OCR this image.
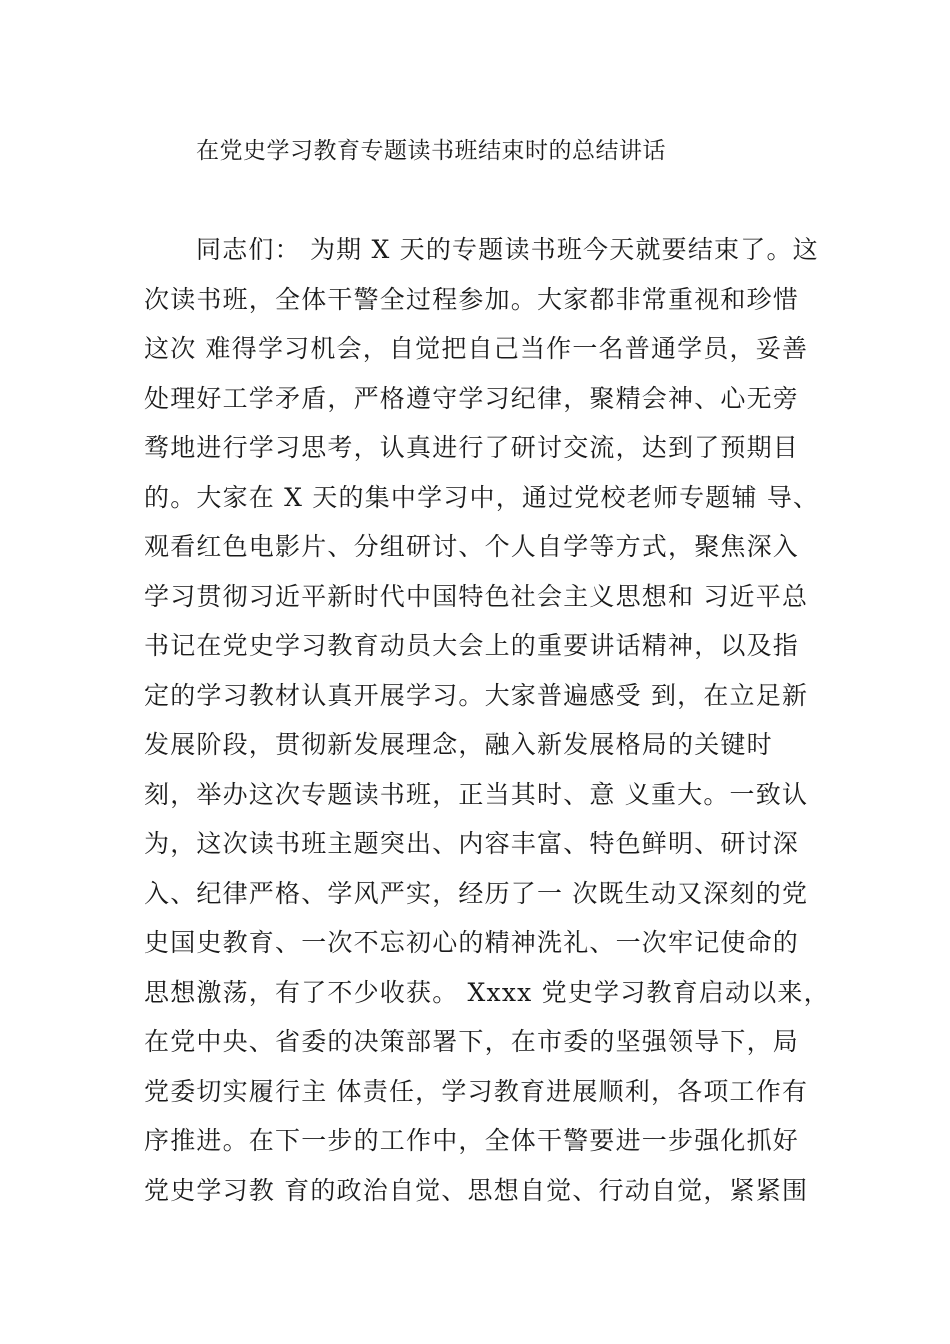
在党史学习教育专题读书班结束时的总结讲话
同志们： 为期 X 天的专题读书班今天就要结束了。这
次读书班，全体干警全过程参加。大家都非常重视和珍惜
这次 难得学习机会，自觉把自己当作一名普通学员，妥善
处理好工学矛盾，严格遵守学习纪律，聚精会神、心无旁
骛地进行学习思考，认真进行了研讨交流，达到了预期目
的。大家在 X 天的集中学习中，通过党校老师专题辅 导、
观看红色电影片、分组研讨、个人自学等方式，聚焦深入
学习贯彻习近平新时代中国特色社会主义思想和 习近平总
书记在党史学习教育动员大会上的重要讲话精神，以及指
定的学习教材认真开展学习。大家普遍感受 到，在立足新
发展阶段，贯彻新发展理念，融入新发展格局的关键时
刻，举办这次专题读书班，正当其时、意 义重大。一致认
为，这次读书班主题突出、内容丰富、特色鲜明、研讨深
入、纪律严格、学风严实，经历了一 次既生动又深刻的党
史国史教育、一次不忘初心的精神洗礼、一次牢记使命的
思想激荡，有了不少收获。 Xxxx 党史学习教育启动以来，
在党中央、省委的决策部署下，在市委的坚强领导下，局
党委切实履行主 体责任，学习教育进展顺利，各项工作有
序推进。在下一步的工作中，全体干警要进一步强化抓好
党史学习教 育的政治自觉、思想自觉、行动自觉，紧紧围
